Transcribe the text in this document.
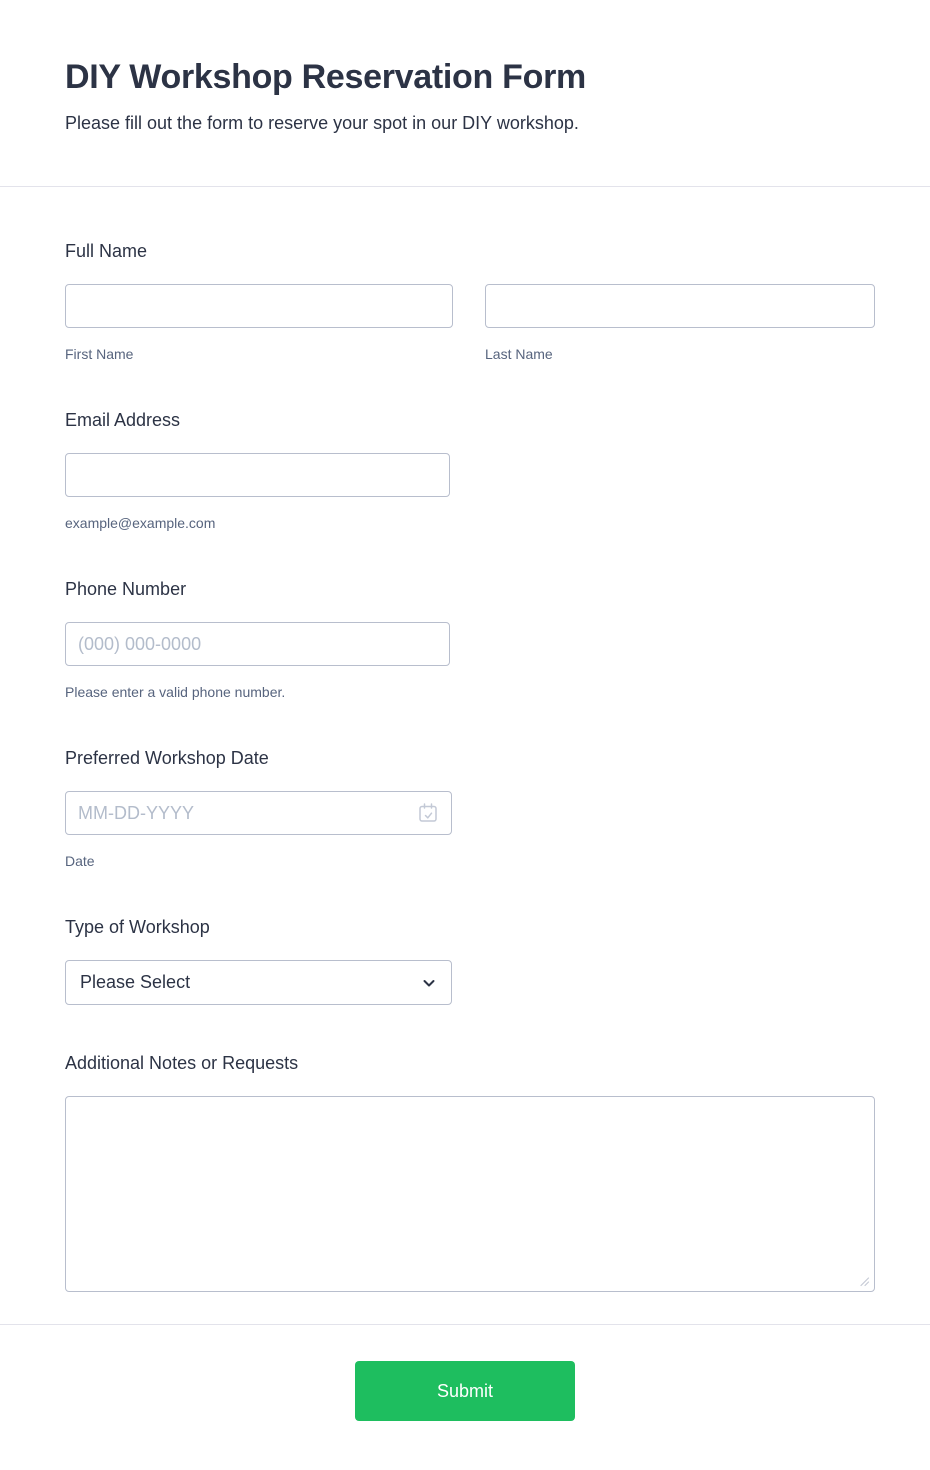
DIY Workshop Reservation Form

Please fill out the form to reserve your spot in our DIY workshop.

Full Name
First Name	Last Name
Email Address
example@example.com
Phone Number
(000) 000-0000
Please enter a valid phone number.
Preferred Workshop Date
MM-DD-YYYY
Date
Type of Workshop
Please Select
Additional Notes or Requests
Submit
